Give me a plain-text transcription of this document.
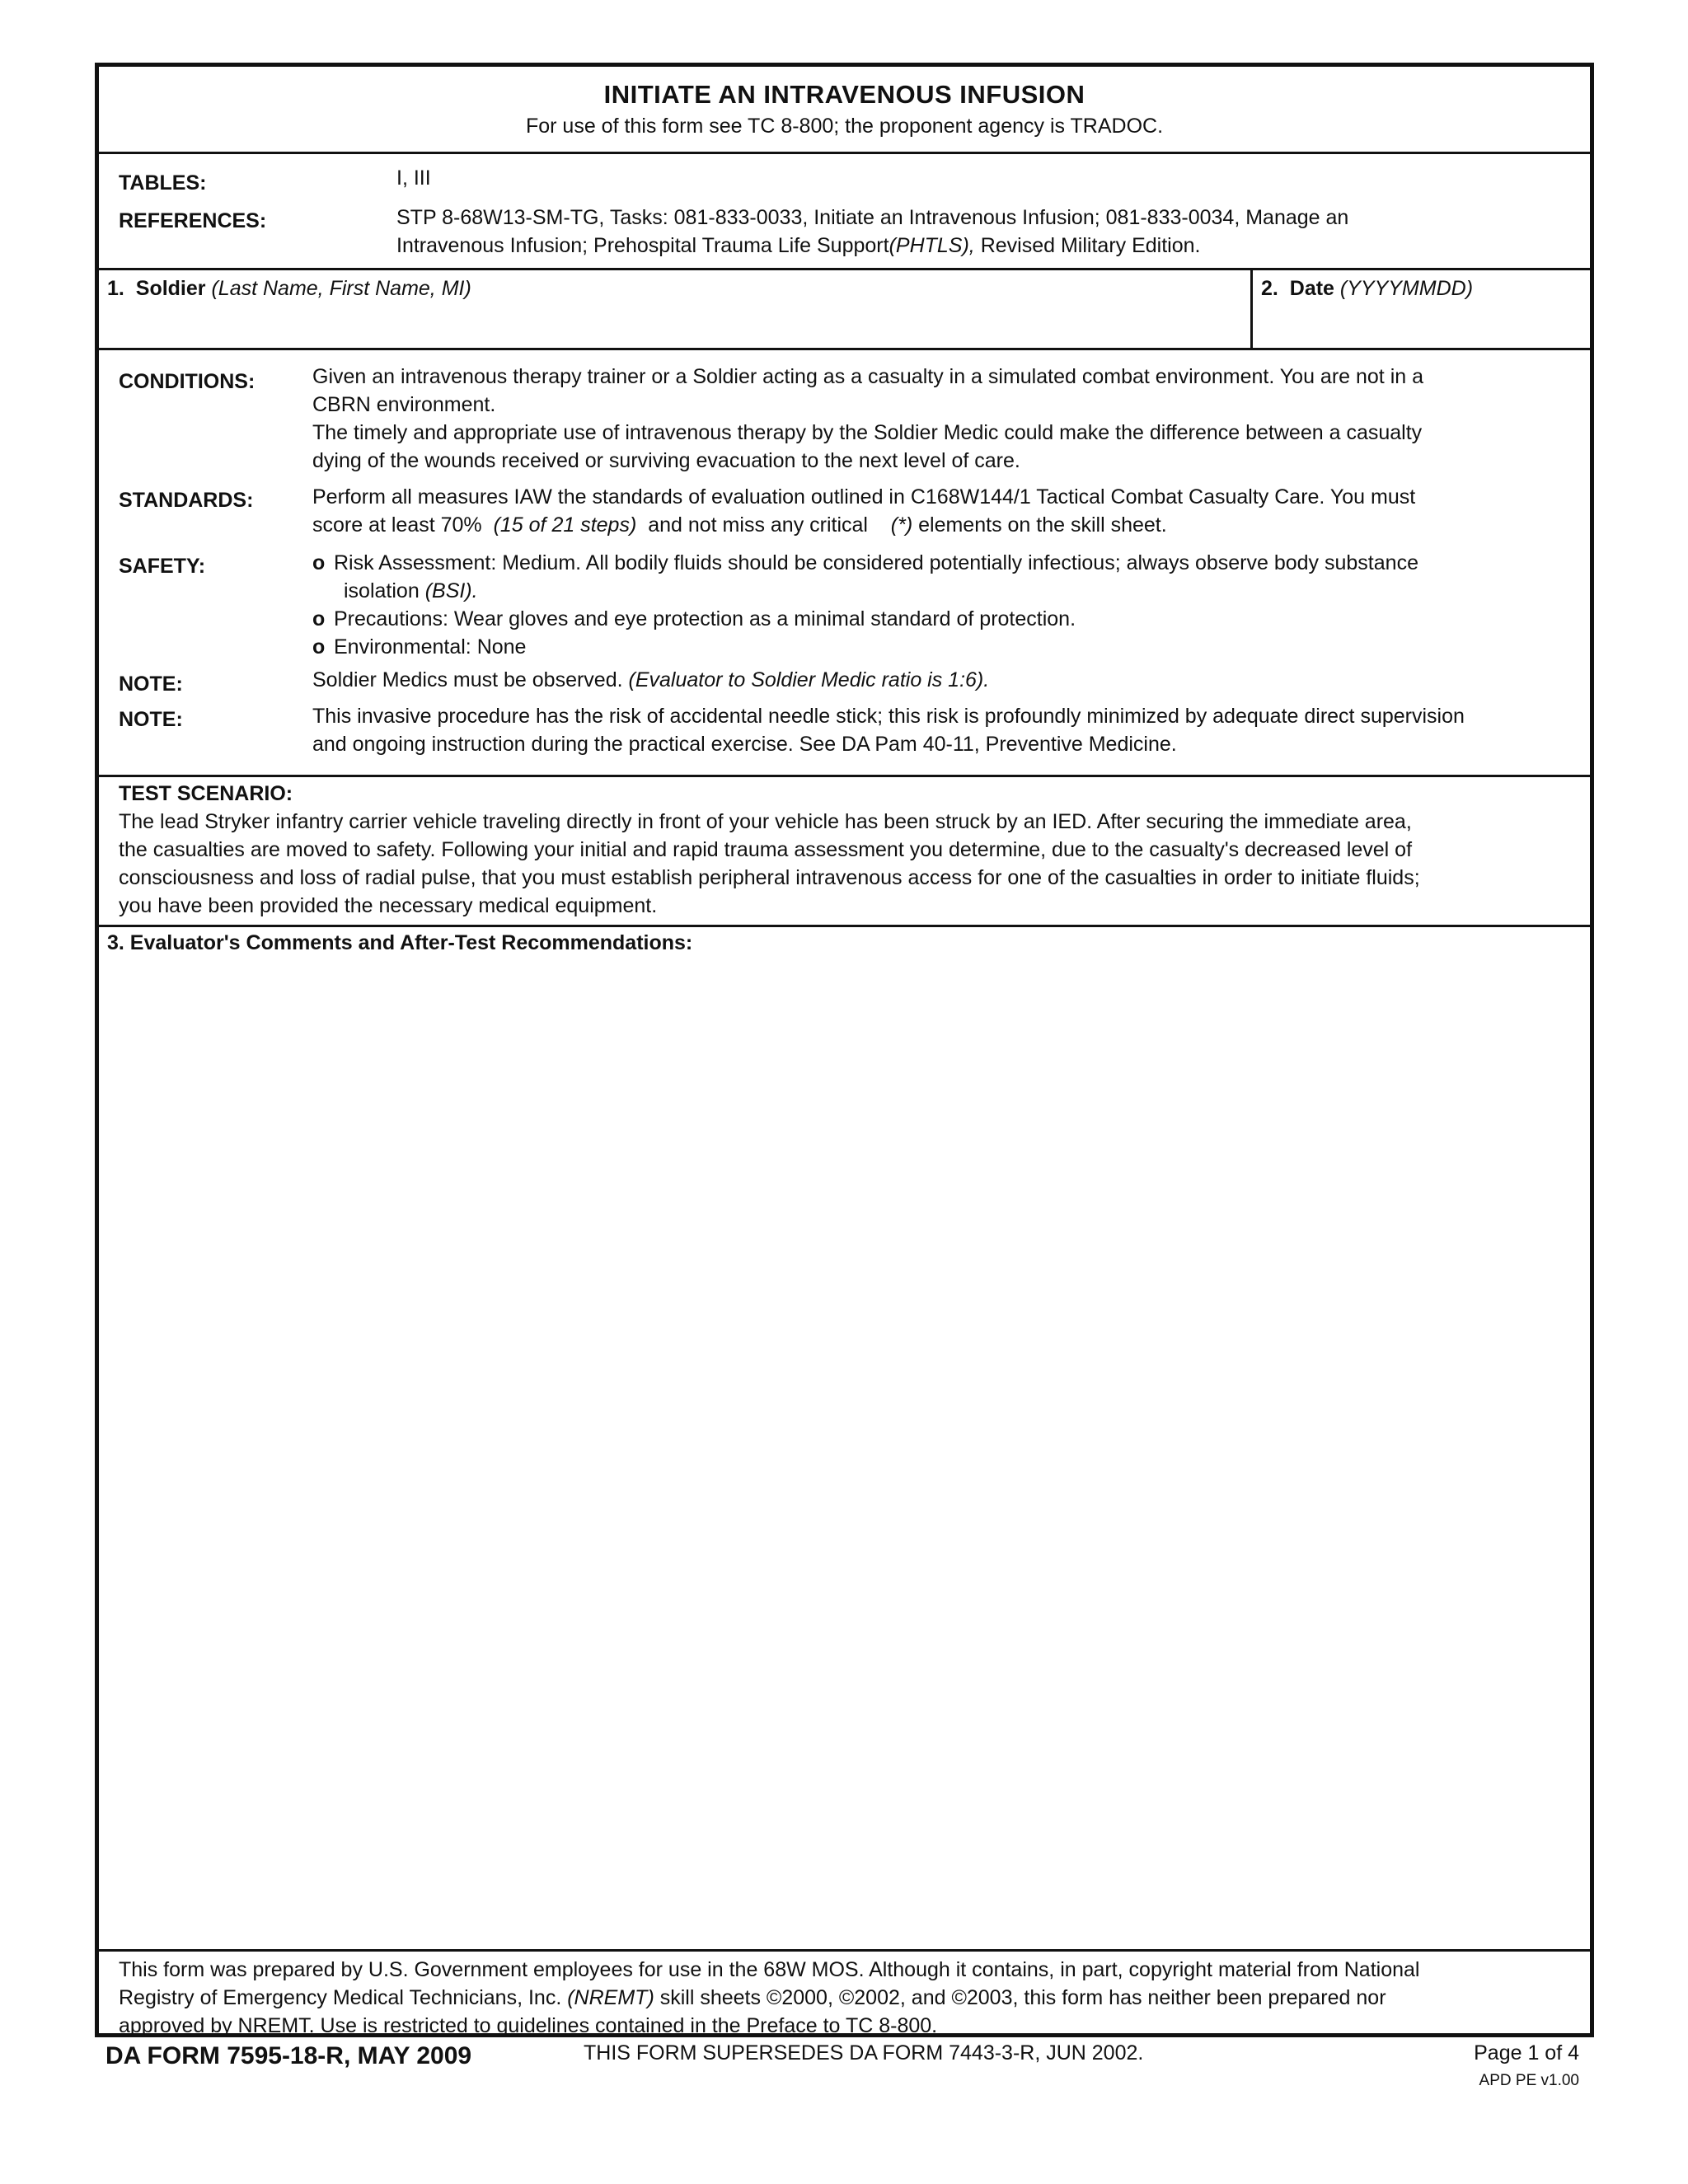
INITIATE AN INTRAVENOUS INFUSION
For use of this form see TC 8-800; the proponent agency is TRADOC.
TABLES:	I, III
REFERENCES:	STP 8-68W13-SM-TG, Tasks: 081-833-0033, Initiate an Intravenous Infusion; 081-833-0034, Manage an
Intravenous Infusion; Prehospital Trauma Life Support(PHTLS), Revised Military Edition.
1. Soldier (Last Name, First Name, MI)	2. Date (YYYYMMDD)
CONDITIONS:	Given an intravenous therapy trainer or a Soldier acting as a casualty in a simulated combat environment. You are not in a
CBRN environment.
The timely and appropriate use of intravenous therapy by the Soldier Medic could make the difference between a casualty
dying of the wounds received or surviving evacuation to the next level of care.
STANDARDS:	Perform all measures IAW the standards of evaluation outlined in C168W144/1 Tactical Combat Casualty Care. You must
score at least 70% (15 of 21 steps) and not miss any critical (*) elements on the skill sheet.
SAFETY:	o Risk Assessment: Medium. All bodily fluids should be considered potentially infectious; always observe body substance
isolation (BSI).
o Precautions: Wear gloves and eye protection as a minimal standard of protection.
o Environmental: None
NOTE:	Soldier Medics must be observed. (Evaluator to Soldier Medic ratio is 1:6).
NOTE:	This invasive procedure has the risk of accidental needle stick; this risk is profoundly minimized by adequate direct supervision
and ongoing instruction during the practical exercise. See DA Pam 40-11, Preventive Medicine.
TEST SCENARIO:
The lead Stryker infantry carrier vehicle traveling directly in front of your vehicle has been struck by an IED. After securing the immediate area,
the casualties are moved to safety. Following your initial and rapid trauma assessment you determine, due to the casualty's decreased level of
consciousness and loss of radial pulse, that you must establish peripheral intravenous access for one of the casualties in order to initiate fluids;
you have been provided the necessary medical equipment.
3. Evaluator's Comments and After-Test Recommendations:
This form was prepared by U.S. Government employees for use in the 68W MOS. Although it contains, in part, copyright material from National
Registry of Emergency Medical Technicians, Inc. (NREMT) skill sheets ©2000, ©2002, and ©2003, this form has neither been prepared nor
approved by NREMT. Use is restricted to guidelines contained in the Preface to TC 8-800.
DA FORM 7595-18-R, MAY 2009	THIS FORM SUPERSEDES DA FORM 7443-3-R, JUN 2002.	Page 1 of 4
APD PE v1.00
